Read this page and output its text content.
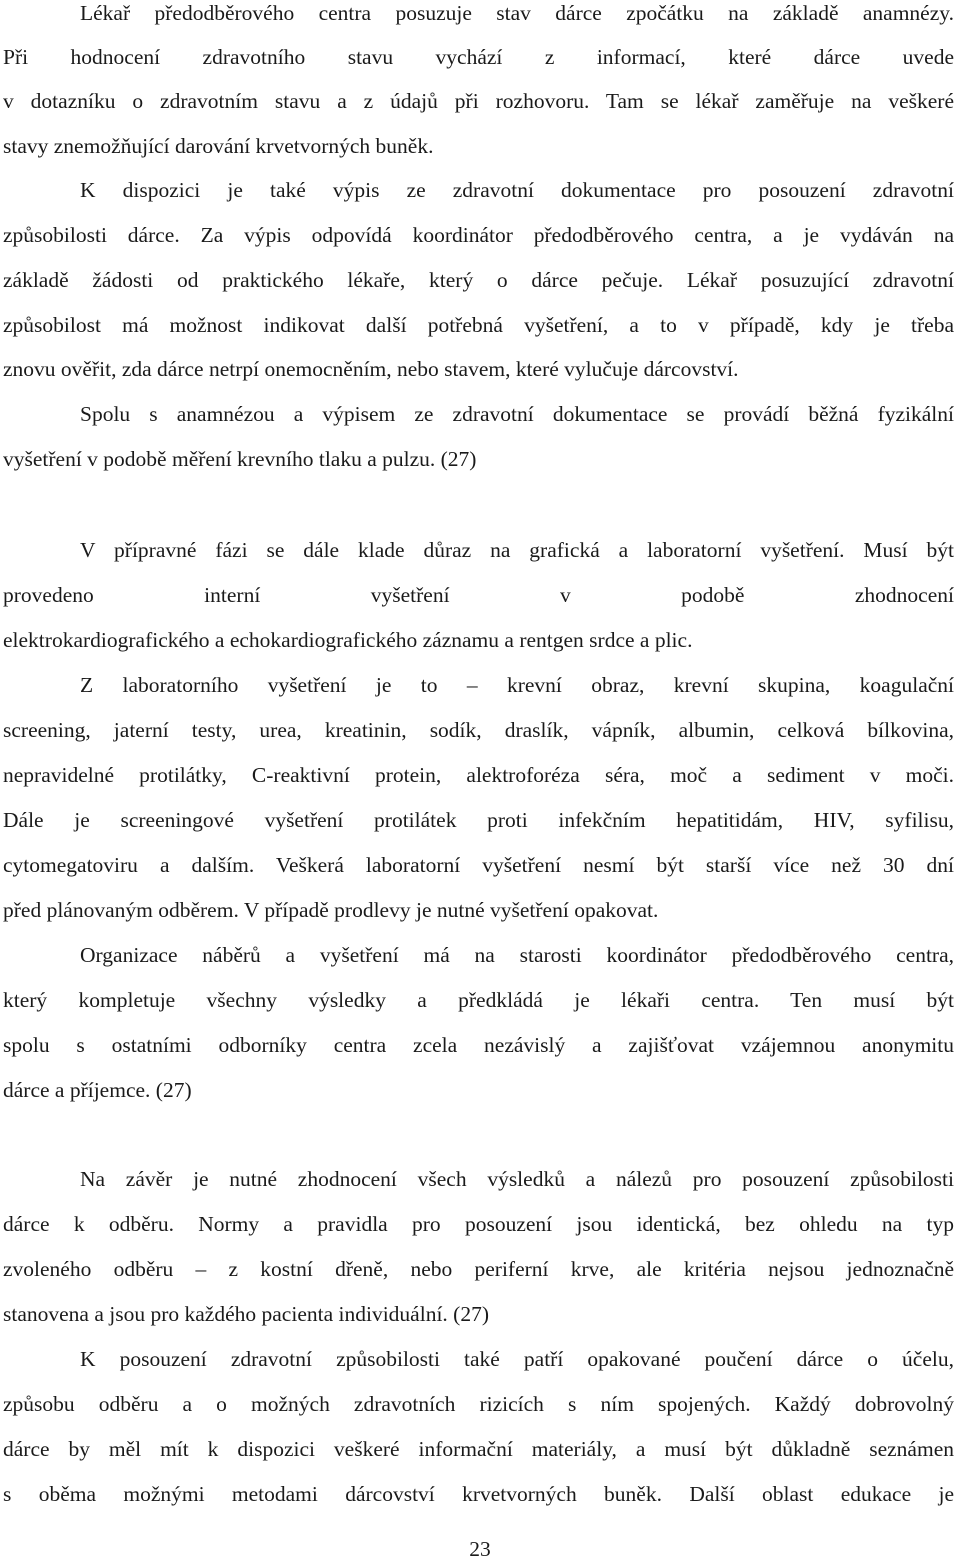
Lékař předodběrového centra posuzuje stav dárce zpočátku na základě anamnézy.
Při hodnocení zdravotního stavu vychází z informací, které dárce uvede
v dotazníku o zdravotním stavu a z údajů při rozhovoru. Tam se lékař zaměřuje na veškeré
stavy znemožňující darování krvetvorných buněk.
K dispozici je také výpis ze zdravotní dokumentace pro posouzení zdravotní
způsobilosti dárce. Za výpis odpovídá koordinátor předodběrového centra, a je vydáván na
základě žádosti od praktického lékaře, který o dárce pečuje. Lékař posuzující zdravotní
způsobilost má možnost indikovat další potřebná vyšetření, a to v případě, kdy je třeba
znovu ověřit, zda dárce netrpí onemocněním, nebo stavem, které vylučuje dárcovství.
Spolu s anamnézou a výpisem ze zdravotní dokumentace se provádí běžná fyzikální
vyšetření v podobě měření krevního tlaku a pulzu. (27)
V přípravné fázi se dále klade důraz na grafická a laboratorní vyšetření. Musí být
provedeno interní vyšetření v podobě zhodnocení
elektrokardiografického a echokardiografického záznamu a rentgen srdce a plic.
Z laboratorního vyšetření je to – krevní obraz, krevní skupina, koagulační
screening, jaterní testy, urea, kreatinin, sodík, draslík, vápník, albumin, celková bílkovina,
nepravidelné protilátky, C-reaktivní protein, alektroforéza séra, moč a sediment v moči.
Dále je screeningové vyšetření protilátek proti infekčním hepatitidám, HIV, syfilisu,
cytomegatoviru a dalším. Veškerá laboratorní vyšetření nesmí být starší více než 30 dní
před plánovaným odběrem. V případě prodlevy je nutné vyšetření opakovat.
Organizace náběrů a vyšetření má na starosti koordinátor předodběrového centra,
který kompletuje všechny výsledky a předkládá je lékaři centra. Ten musí být
spolu s ostatními odborníky centra zcela nezávislý a zajišťovat vzájemnou anonymitu
dárce a příjemce. (27)
Na závěr je nutné zhodnocení všech výsledků a nálezů pro posouzení způsobilosti
dárce k odběru. Normy a pravidla pro posouzení jsou identická, bez ohledu na typ
zvoleného odběru – z kostní dřeně, nebo periferní krve, ale kritéria nejsou jednoznačně
stanovena a jsou pro každého pacienta individuální. (27)
K posouzení zdravotní způsobilosti také patří opakované poučení dárce o účelu,
způsobu odběru a o možných zdravotních rizicích s ním spojených. Každý dobrovolný
dárce by měl mít k dispozici veškeré informační materiály, a musí být důkladně seznámen
s oběma možnými metodami dárcovství krvetvorných buněk. Další oblast edukace je
23
